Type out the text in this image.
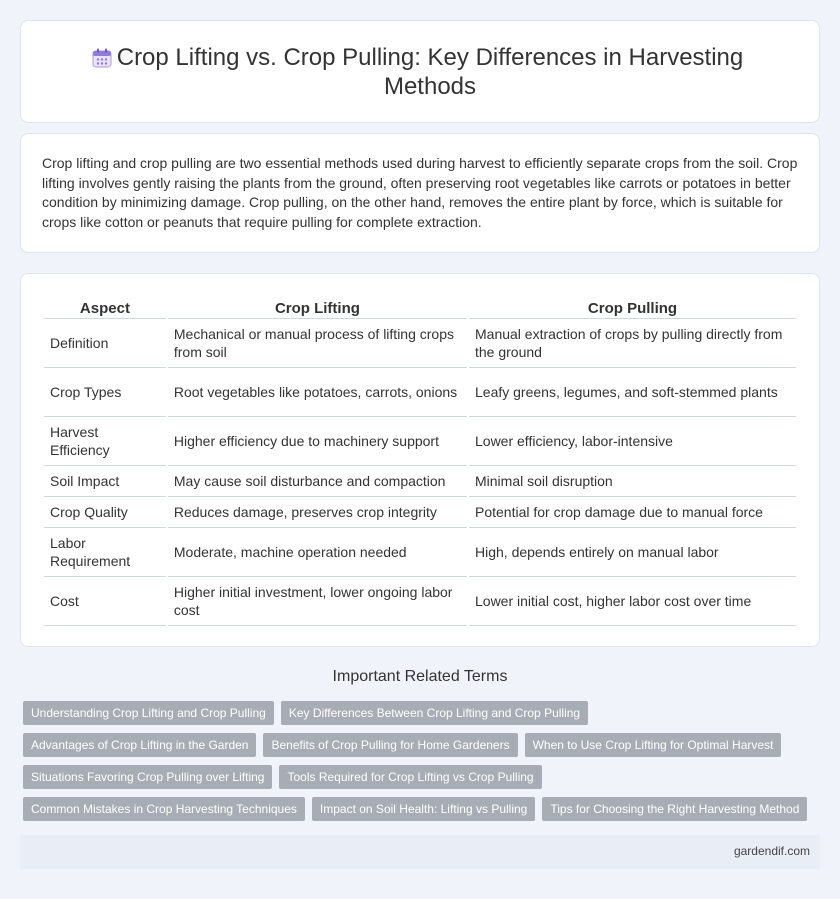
Crop Lifting vs. Crop Pulling: Key Differences in Harvesting Methods

Crop lifting and crop pulling are two essential methods used during harvest to efficiently separate crops from the soil. Crop lifting involves gently raising the plants from the ground, often preserving root vegetables like carrots or potatoes in better condition by minimizing damage. Crop pulling, on the other hand, removes the entire plant by force, which is suitable for crops like cotton or peanuts that require pulling for complete extraction.

Aspect	Crop Lifting	Crop Pulling
Definition	Mechanical or manual process of lifting crops from soil	Manual extraction of crops by pulling directly from the ground
Crop Types	Root vegetables like potatoes, carrots, onions	Leafy greens, legumes, and soft-stemmed plants
Harvest Efficiency	Higher efficiency due to machinery support	Lower efficiency, labor-intensive
Soil Impact	May cause soil disturbance and compaction	Minimal soil disruption
Crop Quality	Reduces damage, preserves crop integrity	Potential for crop damage due to manual force
Labor Requirement	Moderate, machine operation needed	High, depends entirely on manual labor
Cost	Higher initial investment, lower ongoing labor cost	Lower initial cost, higher labor cost over time
Important Related Terms
Understanding Crop Lifting and Crop Pulling	Key Differences Between Crop Lifting and Crop Pulling
Advantages of Crop Lifting in the Garden	Benefits of Crop Pulling for Home Gardeners	When to Use Crop Lifting for Optimal Harvest
Situations Favoring Crop Pulling over Lifting	Tools Required for Crop Lifting vs Crop Pulling
Common Mistakes in Crop Harvesting Techniques	Impact on Soil Health: Lifting vs Pulling	Tips for Choosing the Right Harvesting Method
gardendif.com
